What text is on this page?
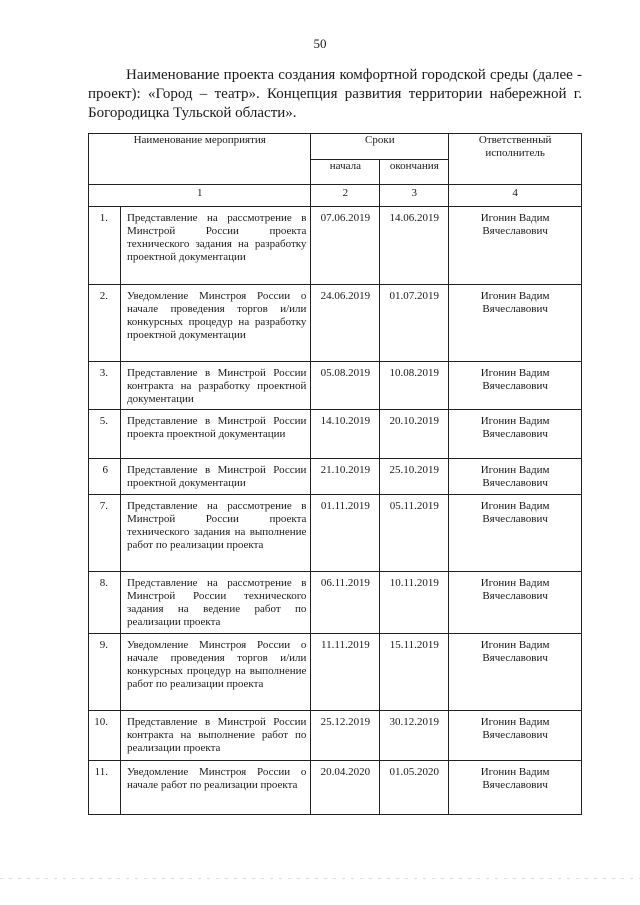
50
Наименование проекта создания комфортной городской среды (далее - проект): «Город – театр». Концепция развития территории набережной г. Богородицка Тульской области».
Наименование мероприятия		Сроки		Ответственный исполнитель
		начала	окончания	
1		2	3	4
1.	Представление на рассмотрение в Минстрой России проекта технического задания на разработку проектной документации	07.06.2019	14.06.2019	Игонин Вадим Вячеславович
2.	Уведомление Минстроя России о начале проведения торгов и/или конкурсных процедур на разработку проектной документации	24.06.2019	01.07.2019	Игонин Вадим Вячеславович
3.	Представление в Минстрой России контракта на разработку проектной документации	05.08.2019	10.08.2019	Игонин Вадим Вячеславович
5.	Представление в Минстрой России проекта проектной документации	14.10.2019	20.10.2019	Игонин Вадим Вячеславович
6	Представление в Минстрой России проектной документации	21.10.2019	25.10.2019	Игонин Вадим Вячеславович
7.	Представление на рассмотрение в Минстрой России проекта технического задания на выполнение работ по реализации проекта	01.11.2019	05.11.2019	Игонин Вадим Вячеславович
8.	Представление на рассмотрение в Минстрой России технического задания на ведение работ по реализации проекта	06.11.2019	10.11.2019	Игонин Вадим Вячеславович
9.	Уведомление Минстроя России о начале проведения торгов и/или конкурсных процедур на выполнение работ по реализации проекта	11.11.2019	15.11.2019	Игонин Вадим Вячеславович
10.	Представление в Минстрой России контракта на выполнение работ по реализации проекта	25.12.2019	30.12.2019	Игонин Вадим Вячеславович
11.	Уведомление Минстроя России о начале работ по реализации проекта	20.04.2020	01.05.2020	Игонин Вадим Вячеславович
